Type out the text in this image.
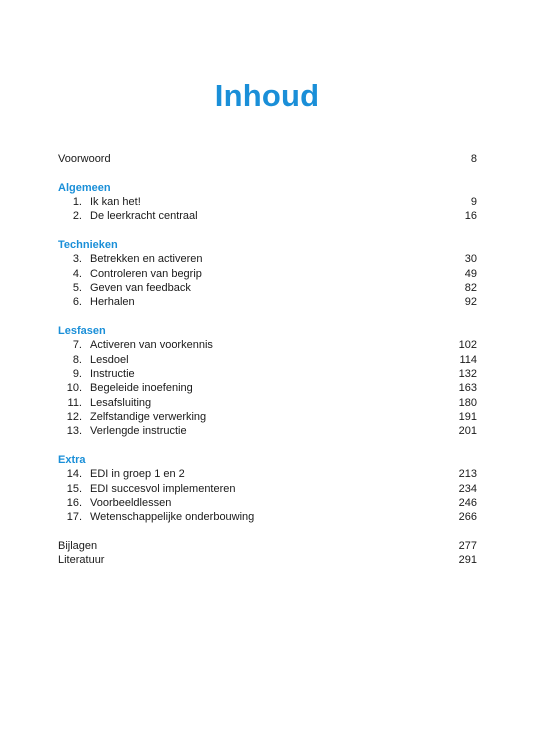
Inhoud
Voorwoord	8
Algemeen
1. Ik kan het!	9
2. De leerkracht centraal	16
Technieken
3. Betrekken en activeren	30
4. Controleren van begrip	49
5. Geven van feedback	82
6. Herhalen	92
Lesfasen
7. Activeren van voorkennis	102
8. Lesdoel	114
9. Instructie	132
10. Begeleide inoefening	163
11. Lesafsluiting	180
12. Zelfstandige verwerking	191
13. Verlengde instructie	201
Extra
14. EDI in groep 1 en 2	213
15. EDI succesvol implementeren	234
16. Voorbeeldlessen	246
17. Wetenschappelijke onderbouwing	266
Bijlagen	277
Literatuur	291
